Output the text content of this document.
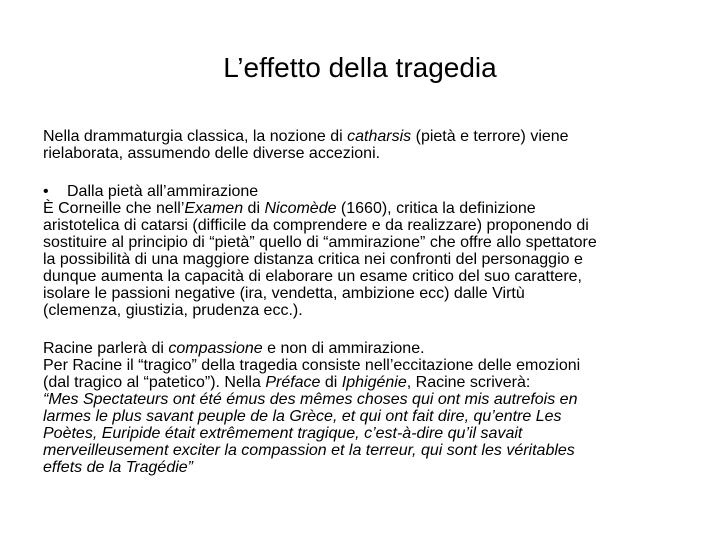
L’effetto della tragedia

Nella drammaturgia classica, la nozione di catharsis (pietà e terrore) viene

rielaborata, assumendo delle diverse accezioni.

• Dalla pietà all’ammirazione

È Corneille che nell’Examen di Nicomède (1660), critica la definizione

aristotelica di catarsi (difficile da comprendere e da realizzare) proponendo di

sostituire al principio di “pietà” quello di “ammirazione” che offre allo spettatore

la possibilità di una maggiore distanza critica nei confronti del personaggio e

dunque aumenta la capacità di elaborare un esame critico del suo carattere,

isolare le passioni negative (ira, vendetta, ambizione ecc) dalle Virtù

(clemenza, giustizia, prudenza ecc.).

Racine parlerà di compassione e non di ammirazione.

Per Racine il “tragico” della tragedia consiste nell’eccitazione delle emozioni

(dal tragico al “patetico”). Nella Préface di Iphigénie, Racine scriverà:

“Mes Spectateurs ont été émus des mêmes choses qui ont mis autrefois en

larmes le plus savant peuple de la Grèce, et qui ont fait dire, qu’entre Les

Poètes, Euripide était extrêmement tragique, c’est-à-dire qu’il savait

merveilleusement exciter la compassion et la terreur, qui sont les véritables

effets de la Tragédie”
